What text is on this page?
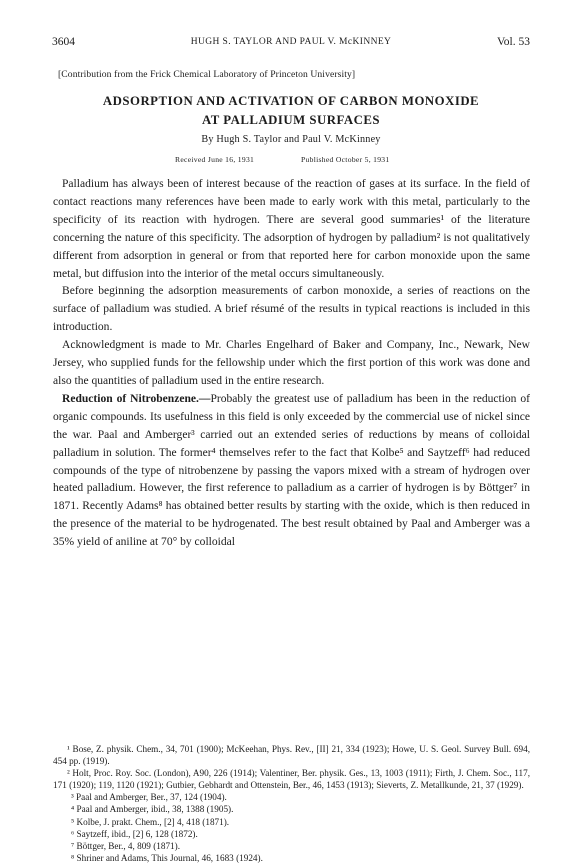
3604	HUGH S. TAYLOR AND PAUL V. McKINNEY	Vol. 53
[Contribution from the Frick Chemical Laboratory of Princeton University]
ADSORPTION AND ACTIVATION OF CARBON MONOXIDE
AT PALLADIUM SURFACES
By Hugh S. Taylor and Paul V. McKinney
Received June 16, 1931	Published October 5, 1931

Palladium has always been of interest because of the reaction of gases at its surface. In the field of contact reactions many references have been made to early work with this metal, particularly to the specificity of its reaction with hydrogen. There are several good summaries¹ of the literature concerning the nature of this specificity. The adsorption of hydrogen by palladium² is not qualitatively different from adsorption in general or from that reported here for carbon monoxide upon the same metal, but diffusion into the interior of the metal occurs simultaneously.

Before beginning the adsorption measurements of carbon monoxide, a series of reactions on the surface of palladium was studied. A brief résumé of the results in typical reactions is included in this introduction.

Acknowledgment is made to Mr. Charles Engelhard of Baker and Company, Inc., Newark, New Jersey, who supplied funds for the fellowship under which the first portion of this work was done and also the quantities of palladium used in the entire research.

Reduction of Nitrobenzene.—Probably the greatest use of palladium has been in the reduction of organic compounds. Its usefulness in this field is only exceeded by the commercial use of nickel since the war. Paal and Amberger³ carried out an extended series of reductions by means of colloidal palladium in solution. The former⁴ themselves refer to the fact that Kolbe⁵ and Saytzeff⁶ had reduced compounds of the type of nitrobenzene by passing the vapors mixed with a stream of hydrogen over heated palladium. However, the first reference to palladium as a carrier of hydrogen is by Böttger⁷ in 1871. Recently Adams⁸ has obtained better results by starting with the oxide, which is then reduced in the presence of the material to be hydrogenated. The best result obtained by Paal and Amberger was a 35% yield of aniline at 70° by colloidal

¹ Bose, Z. physik. Chem., 34, 701 (1900); McKeehan, Phys. Rev., [II] 21, 334 (1923); Howe, U. S. Geol. Survey Bull. 694, 454 pp. (1919).

² Holt, Proc. Roy. Soc. (London), A90, 226 (1914); Valentiner, Ber. physik. Ges., 13, 1003 (1911); Firth, J. Chem. Soc., 117, 171 (1920); 119, 1120 (1921); Gutbier, Gebhardt and Ottenstein, Ber., 46, 1453 (1913); Sieverts, Z. Metallkunde, 21, 37 (1929).

³ Paal and Amberger, Ber., 37, 124 (1904).

⁴ Paal and Amberger, ibid., 38, 1388 (1905).

⁵ Kolbe, J. prakt. Chem., [2] 4, 418 (1871).

⁶ Saytzeff, ibid., [2] 6, 128 (1872).

⁷ Böttger, Ber., 4, 809 (1871).

⁸ Shriner and Adams, This Journal, 46, 1683 (1924).
